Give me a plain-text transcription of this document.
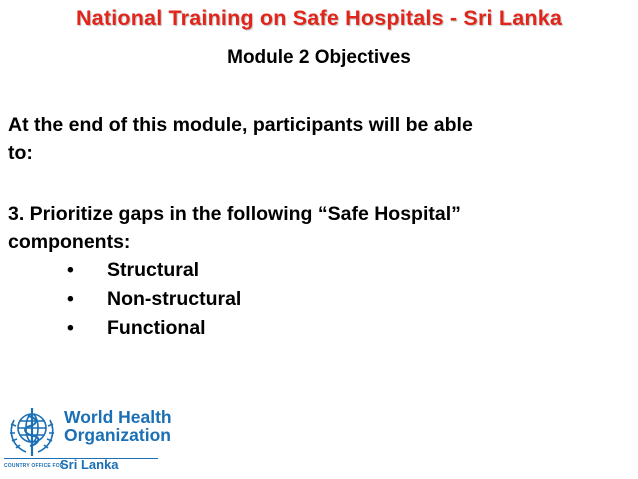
National Training on Safe Hospitals - Sri Lanka
Module 2 Objectives
At the end of this module, participants will be able
to:
3. Prioritize gaps in the following “Safe Hospital”
components:
• Structural
• Non-structural
• Functional
World Health
Organization
COUNTRY OFFICE FOR
Sri Lanka
